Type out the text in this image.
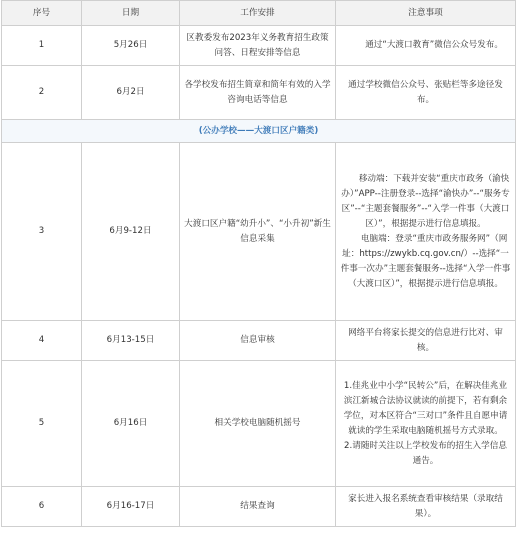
序号	日期	工作安排	注意事项
1	5月26日	区教委发布2023年义务教育招生政策问答、日程安排等信息	通过“大渡口教育”微信公众号发布。

2	6月2日	各学校发布招生简章和简年有效的入学咨询电话等信息	通过学校微信公众号、张贴栏等多途径发布。

(公办学校——大渡口区户籍类)			
3	6月9-12日	大渡口区户籍“幼升小”、“小升初”新生信息采集	移动端：下载并安装“重庆市政务（渝快办）”APP--注册登录--选择“渝快办”--“服务专区”--“主题套餐服务”--“入学一件事（大渡口区）”，根据提示进行信息填报。
电脑端：登录“重庆市政务服务网”（网址：https://zwykb.cq.gov.cn/）--选择“一件事一次办”主题套餐服务--选择“入学一件事（大渡口区）”，根据提示进行信息填报。

4	6月13-15日	信息审核	网络平台将家长提交的信息进行比对、审核。

5	6月16日	相关学校电脑随机摇号	1.佳兆业中小学“民转公”后，在解决佳兆业滨江新城合法协议就读的前提下，若有剩余学位，对本区符合“三对口”条件且自愿申请就读的学生采取电脑随机摇号方式录取。
2.请随时关注以上学校发布的招生入学信息通告。

6	6月16-17日	结果查询	家长进入报名系统查看审核结果（录取结果）。
